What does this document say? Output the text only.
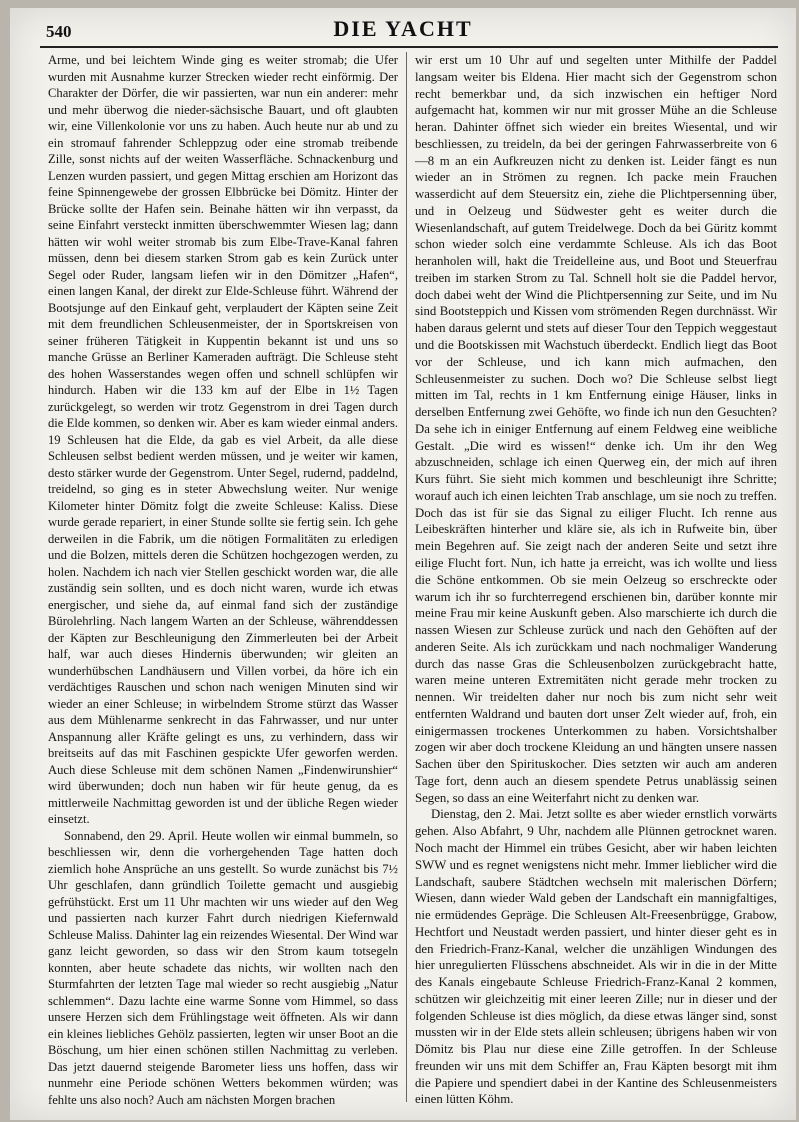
540	DIE YACHT

Arme, und bei leichtem Winde ging es weiter stromab; die Ufer wurden mit Ausnahme kurzer Strecken wieder recht einförmig. Der Charakter der Dörfer, die wir passierten, war nun ein anderer: mehr und mehr überwog die nieder-sächsische Bauart, und oft glaubten wir, eine Villenkolonie vor uns zu haben. Auch heute nur ab und zu ein stromauf fahrender Schleppzug oder eine stromab treibende Zille, sonst nichts auf der weiten Wasserfläche. Schnackenburg und Lenzen wurden passiert, und gegen Mittag erschien am Horizont das feine Spinnengewebe der grossen Elbbrücke bei Dömitz. Hinter der Brücke sollte der Hafen sein. Beinahe hätten wir ihn verpasst, da seine Einfahrt versteckt inmitten überschwemmter Wiesen lag; dann hätten wir wohl weiter stromab bis zum Elbe-Trave-Kanal fahren müssen, denn bei diesem starken Strom gab es kein Zurück unter Segel oder Ruder, langsam liefen wir in den Dömitzer „Hafen“, einen langen Kanal, der direkt zur Elde-Schleuse führt. Während der Bootsjunge auf den Einkauf geht, verplaudert der Käpten seine Zeit mit dem freundlichen Schleusenmeister, der in Sportskreisen von seiner früheren Tätigkeit in Kuppentin bekannt ist und uns so manche Grüsse an Berliner Kameraden aufträgt. Die Schleuse steht des hohen Wasserstandes wegen offen und schnell schlüpfen wir hindurch. Haben wir die 133 km auf der Elbe in 1½ Tagen zurückgelegt, so werden wir trotz Gegenstrom in drei Tagen durch die Elde kommen, so denken wir. Aber es kam wieder einmal anders. 19 Schleusen hat die Elde, da gab es viel Arbeit, da alle diese Schleusen selbst bedient werden müssen, und je weiter wir kamen, desto stärker wurde der Gegenstrom. Unter Segel, rudernd, paddelnd, treidelnd, so ging es in steter Abwechslung weiter. Nur wenige Kilometer hinter Dömitz folgt die zweite Schleuse: Kaliss. Diese wurde gerade repariert, in einer Stunde sollte sie fertig sein. Ich gehe derweilen in die Fabrik, um die nötigen Formalitäten zu erledigen und die Bolzen, mittels deren die Schützen hochgezogen werden, zu holen. Nachdem ich nach vier Stellen geschickt worden war, die alle zuständig sein sollten, und es doch nicht waren, wurde ich etwas energischer, und siehe da, auf einmal fand sich der zuständige Bürolehrling. Nach langem Warten an der Schleuse, währenddessen der Käpten zur Beschleunigung den Zimmerleuten bei der Arbeit half, war auch dieses Hindernis überwunden; wir gleiten an wunderhübschen Landhäusern und Villen vorbei, da höre ich ein verdächtiges Rauschen und schon nach wenigen Minuten sind wir wieder an einer Schleuse; in wirbelndem Strome stürzt das Wasser aus dem Mühlenarme senkrecht in das Fahrwasser, und nur unter Anspannung aller Kräfte gelingt es uns, zu verhindern, dass wir breitseits auf das mit Faschinen gespickte Ufer geworfen werden. Auch diese Schleuse mit dem schönen Namen „Findenwirunshier“ wird überwunden; doch nun haben wir für heute genug, da es mittlerweile Nachmittag geworden ist und der übliche Regen wieder einsetzt.

Sonnabend, den 29. April. Heute wollen wir einmal bummeln, so beschliessen wir, denn die vorhergehenden Tage hatten doch ziemlich hohe Ansprüche an uns gestellt. So wurde zunächst bis 7½ Uhr geschlafen, dann gründlich Toilette gemacht und ausgiebig gefrühstückt. Erst um 11 Uhr machten wir uns wieder auf den Weg und passierten nach kurzer Fahrt durch niedrigen Kiefernwald Schleuse Maliss. Dahinter lag ein reizendes Wiesental. Der Wind war ganz leicht geworden, so dass wir den Strom kaum totsegeln konnten, aber heute schadete das nichts, wir wollten nach den Sturmfahrten der letzten Tage mal wieder so recht ausgiebig „Natur schlemmen“. Dazu lachte eine warme Sonne vom Himmel, so dass unsere Herzen sich dem Frühlingstage weit öffneten. Als wir dann ein kleines liebliches Gehölz passierten, legten wir unser Boot an die Böschung, um hier einen schönen stillen Nachmittag zu verleben. Das jetzt dauernd steigende Barometer liess uns hoffen, dass wir nunmehr eine Periode schönen Wetters bekommen würden; was fehlte uns also noch? Auch am nächsten Morgen brachen

wir erst um 10 Uhr auf und segelten unter Mithilfe der Paddel langsam weiter bis Eldena. Hier macht sich der Gegenstrom schon recht bemerkbar und, da sich inzwischen ein heftiger Nord aufgemacht hat, kommen wir nur mit grosser Mühe an die Schleuse heran. Dahinter öffnet sich wieder ein breites Wiesental, und wir beschliessen, zu treideln, da bei der geringen Fahrwasserbreite von 6—8 m an ein Aufkreuzen nicht zu denken ist. Leider fängt es nun wieder an in Strömen zu regnen. Ich packe mein Frauchen wasserdicht auf dem Steuersitz ein, ziehe die Plichtpersenning über, und in Oelzeug und Südwester geht es weiter durch die Wiesenlandschaft, auf gutem Treidelwege. Doch da bei Güritz kommt schon wieder solch eine verdammte Schleuse. Als ich das Boot heranholen will, hakt die Treidelleine aus, und Boot und Steuerfrau treiben im starken Strom zu Tal. Schnell holt sie die Paddel hervor, doch dabei weht der Wind die Plichtpersenning zur Seite, und im Nu sind Bootsteppich und Kissen vom strömenden Regen durchnässt. Wir haben daraus gelernt und stets auf dieser Tour den Teppich weggestaut und die Bootskissen mit Wachstuch überdeckt. Endlich liegt das Boot vor der Schleuse, und ich kann mich aufmachen, den Schleusenmeister zu suchen. Doch wo? Die Schleuse selbst liegt mitten im Tal, rechts in 1 km Entfernung einige Häuser, links in derselben Entfernung zwei Gehöfte, wo finde ich nun den Gesuchten? Da sehe ich in einiger Entfernung auf einem Feldweg eine weibliche Gestalt. „Die wird es wissen!“ denke ich. Um ihr den Weg abzuschneiden, schlage ich einen Querweg ein, der mich auf ihren Kurs führt. Sie sieht mich kommen und beschleunigt ihre Schritte; worauf auch ich einen leichten Trab anschlage, um sie noch zu treffen. Doch das ist für sie das Signal zu eiliger Flucht. Ich renne aus Leibeskräften hinterher und kläre sie, als ich in Rufweite bin, über mein Begehren auf. Sie zeigt nach der anderen Seite und setzt ihre eilige Flucht fort. Nun, ich hatte ja erreicht, was ich wollte und liess die Schöne entkommen. Ob sie mein Oelzeug so erschreckte oder warum ich ihr so furchterregend erschienen bin, darüber konnte mir meine Frau mir keine Auskunft geben. Also marschierte ich durch die nassen Wiesen zur Schleuse zurück und nach den Gehöften auf der anderen Seite. Als ich zurückkam und nach nochmaliger Wanderung durch das nasse Gras die Schleusenbolzen zurückgebracht hatte, waren meine unteren Extremitäten nicht gerade mehr trocken zu nennen. Wir treidelten daher nur noch bis zum nicht sehr weit entfernten Waldrand und bauten dort unser Zelt wieder auf, froh, ein einigermassen trockenes Unterkommen zu haben. Vorsichtshalber zogen wir aber doch trockene Kleidung an und hängten unsere nassen Sachen über den Spirituskocher. Dies setzten wir auch am anderen Tage fort, denn auch an diesem spendete Petrus unablässig seinen Segen, so dass an eine Weiterfahrt nicht zu denken war.

Dienstag, den 2. Mai. Jetzt sollte es aber wieder ernstlich vorwärts gehen. Also Abfahrt, 9 Uhr, nachdem alle Plünnen getrocknet waren. Noch macht der Himmel ein trübes Gesicht, aber wir haben leichten SWW und es regnet wenigstens nicht mehr. Immer lieblicher wird die Landschaft, saubere Städtchen wechseln mit malerischen Dörfern; Wiesen, dann wieder Wald geben der Landschaft ein mannigfaltiges, nie ermüdendes Gepräge. Die Schleusen Alt-Freesenbrügge, Grabow, Hechtfort und Neustadt werden passiert, und hinter dieser geht es in den Friedrich-Franz-Kanal, welcher die unzähligen Windungen des hier unregulierten Flüsschens abschneidet. Als wir in die in der Mitte des Kanals eingebaute Schleuse Friedrich-Franz-Kanal 2 kommen, schützen wir gleichzeitig mit einer leeren Zille; nur in dieser und der folgenden Schleuse ist dies möglich, da diese etwas länger sind, sonst mussten wir in der Elde stets allein schleusen; übrigens haben wir von Dömitz bis Plau nur diese eine Zille getroffen. In der Schleuse freunden wir uns mit dem Schiffer an, Frau Käpten besorgt mit ihm die Papiere und spendiert dabei in der Kantine des Schleusenmeisters einen lütten Köhm.
